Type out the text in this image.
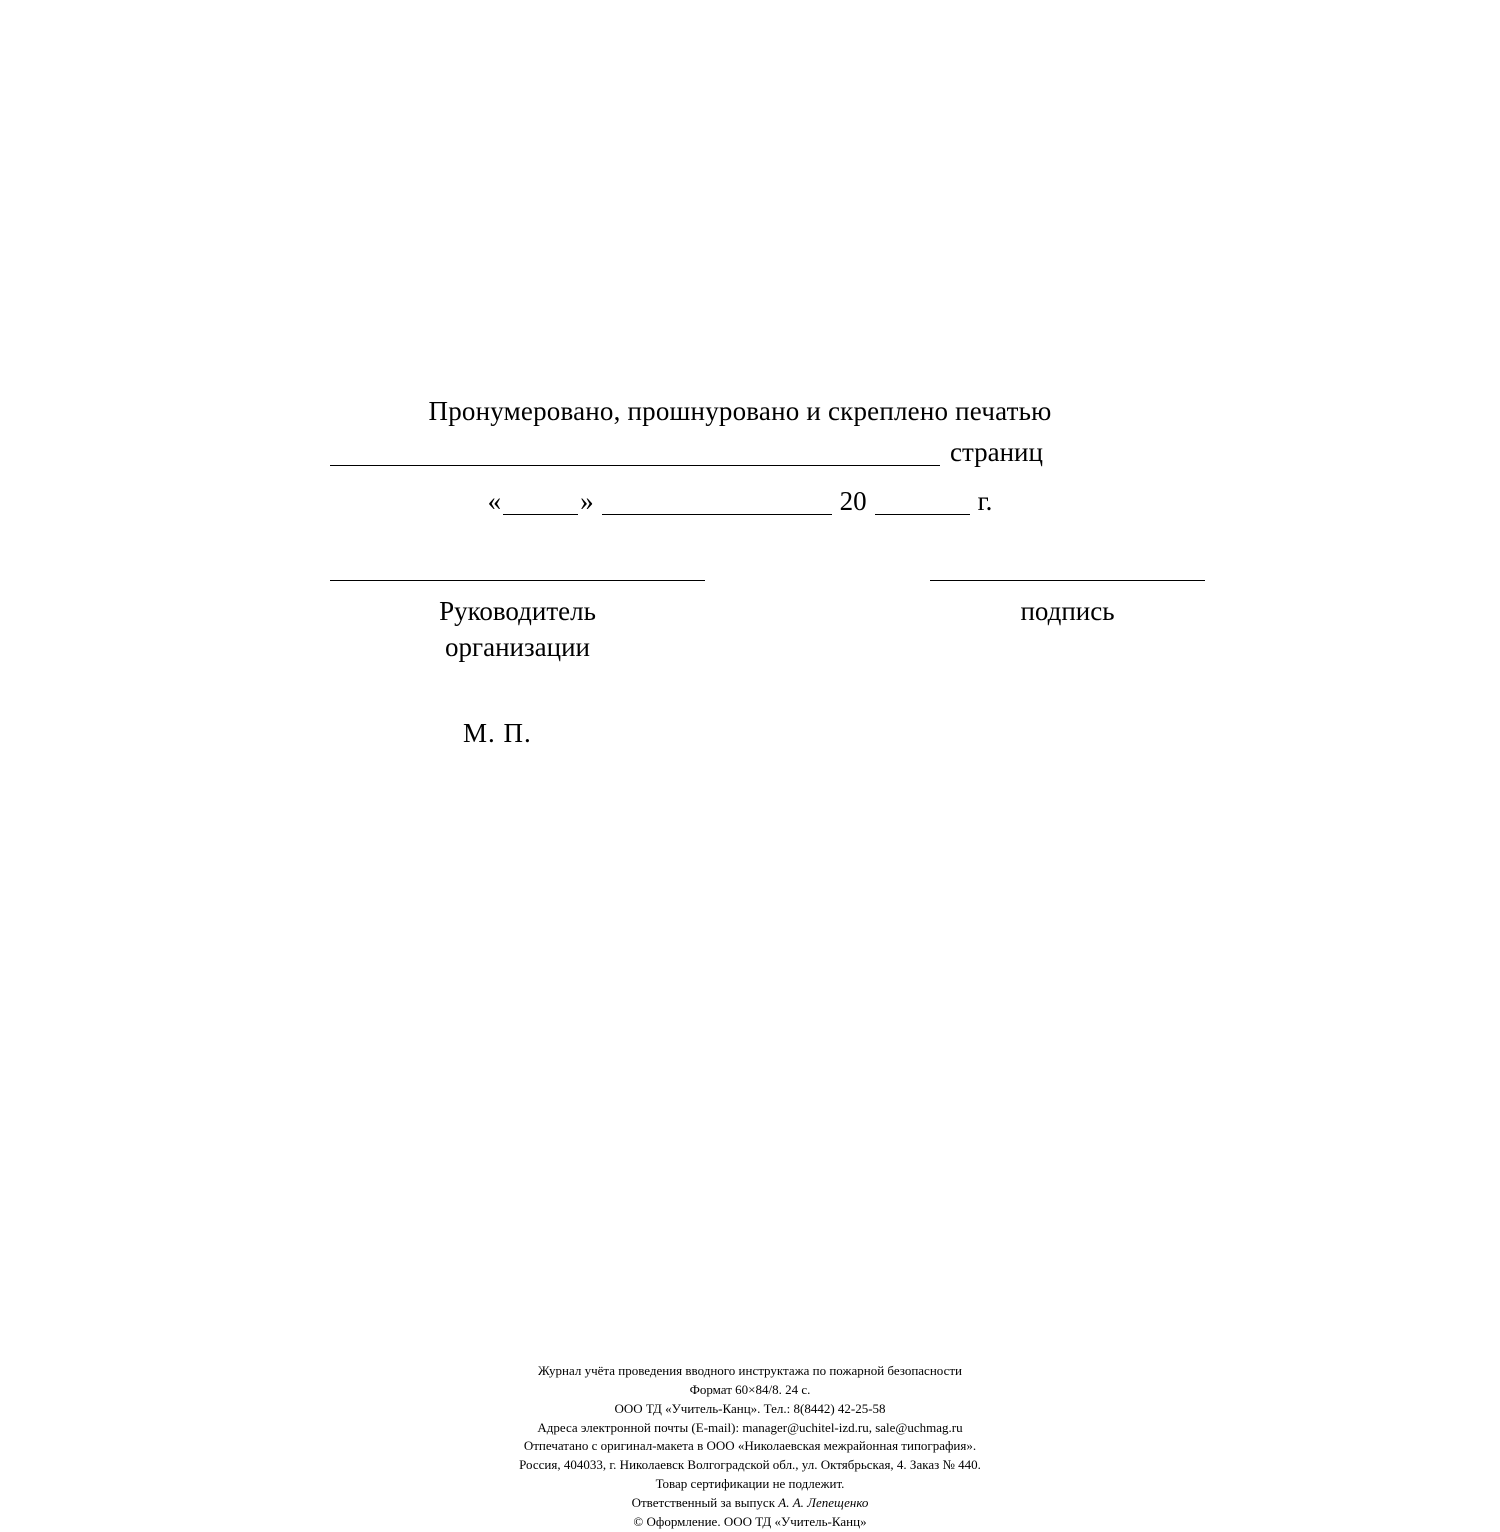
Пронумеровано, прошнуровано и скреплено печатью
страниц
«	»	20	г.
Руководитель
организации
подпись
М. П.
Журнал учёта проведения вводного инструктажа по пожарной безопасности
Формат 60×84/8. 24 с.
ООО ТД «Учитель-Канц». Тел.: 8(8442) 42-25-58
Адреса электронной почты (E-mail): manager@uchitel-izd.ru, sale@uchmag.ru
Отпечатано с оригинал-макета в ООО «Николаевская межрайонная типография».
Россия, 404033, г. Николаевск Волгоградской обл., ул. Октябрьская, 4. Заказ № 440.
Товар сертификации не подлежит.
Ответственный за выпуск А. А. Лепещенко
© Оформление. ООО ТД «Учитель-Канц»
